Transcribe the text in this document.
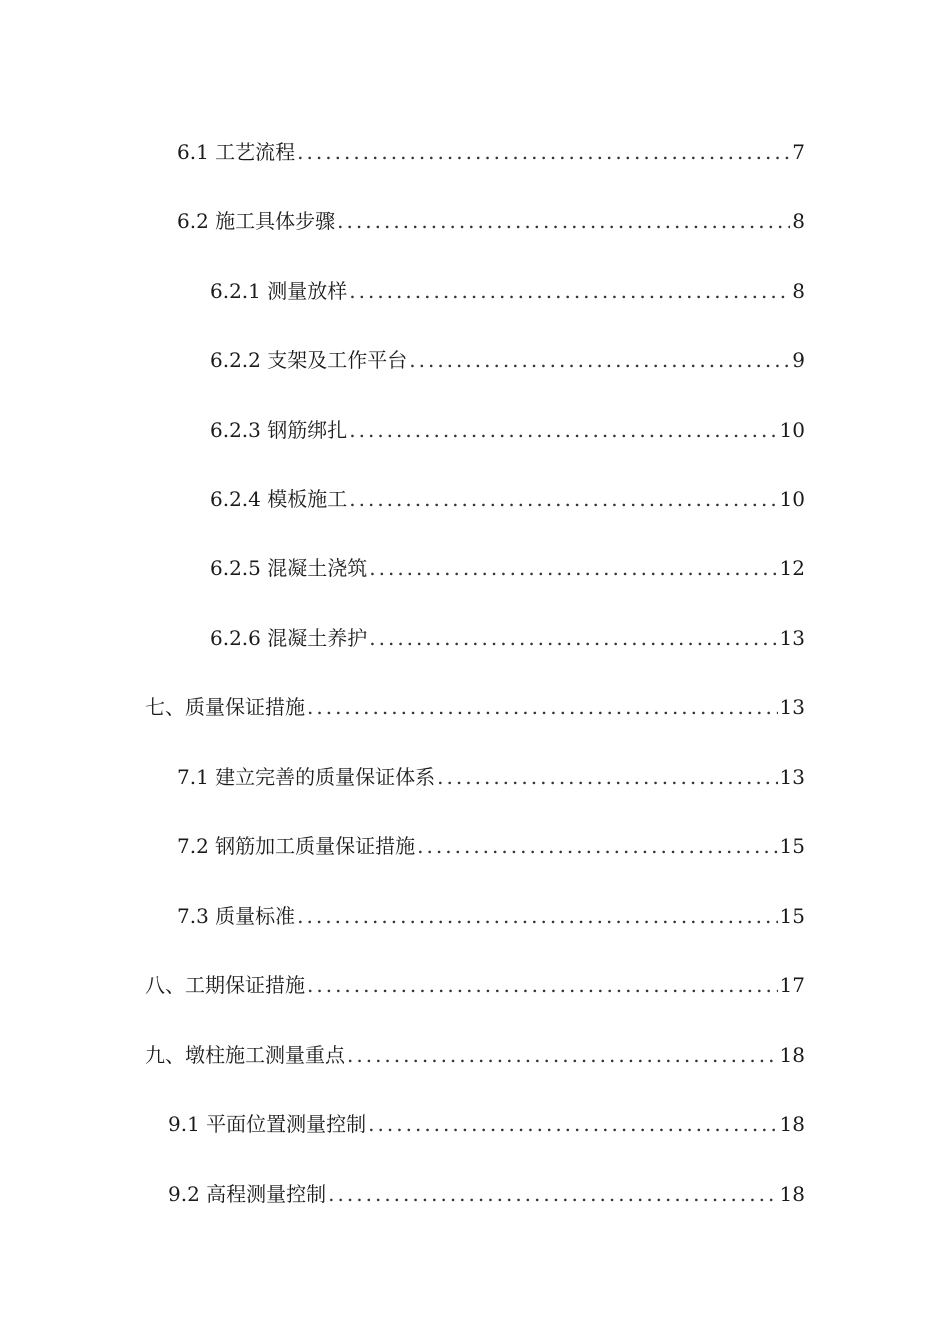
6.1 工艺流程 .....	7
6.2 施工具体步骤 .....	8
6.2.1 测量放样 .....	8
6.2.2 支架及工作平台 .....	9
6.2.3 钢筋绑扎 .....	10
6.2.4 模板施工 .....	10
6.2.5 混凝土浇筑 .....	12
6.2.6 混凝土养护 .....	13
七、质量保证措施 .....	13
7.1 建立完善的质量保证体系 .....	13
7.2 钢筋加工质量保证措施 .....	15
7.3 质量标准 .....	15
八、工期保证措施 .....	17
九、墩柱施工测量重点 .....	18
9.1 平面位置测量控制 .....	18
9.2 高程测量控制 .....	18
